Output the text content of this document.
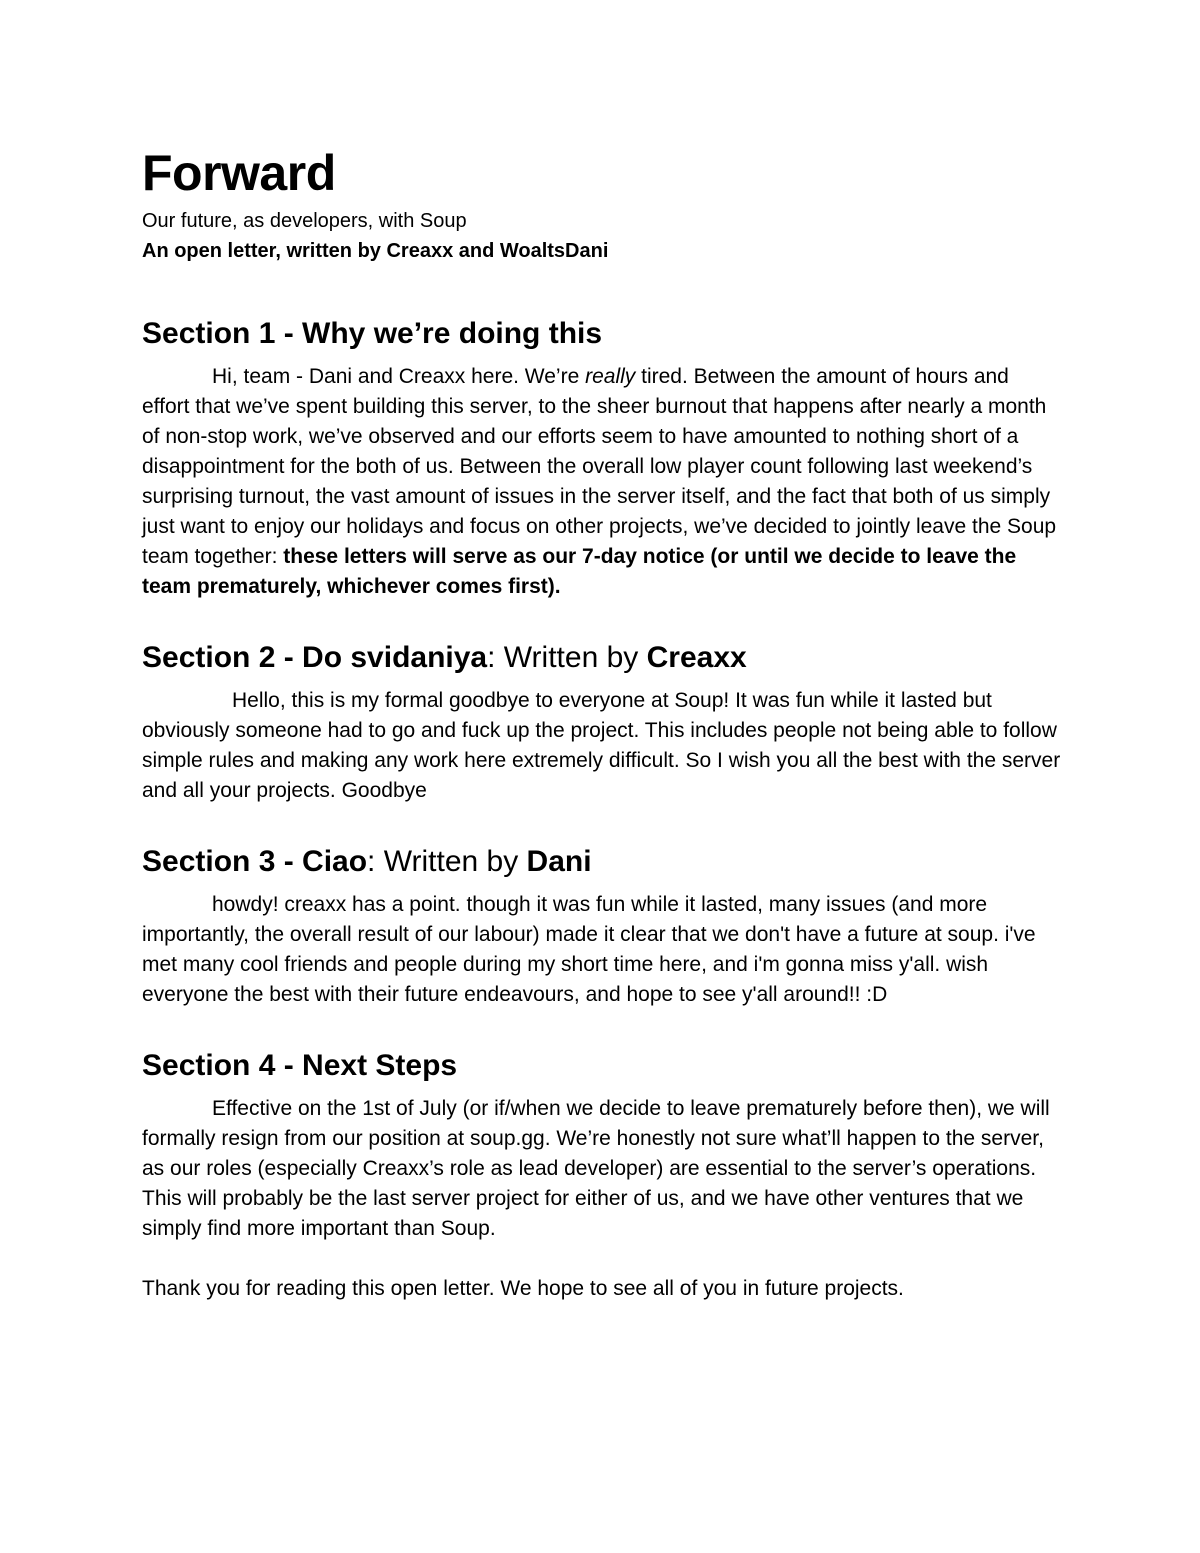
Forward

Our future, as developers, with Soup

An open letter, written by Creaxx and WoaltsDani

Section 1 - Why we’re doing this

Hi, team - Dani and Creaxx here. We’re really tired. Between the amount of hours and effort that we’ve spent building this server, to the sheer burnout that happens after nearly a month of non-stop work, we’ve observed and our efforts seem to have amounted to nothing short of a disappointment for the both of us. Between the overall low player count following last weekend’s surprising turnout, the vast amount of issues in the server itself, and the fact that both of us simply just want to enjoy our holidays and focus on other projects, we’ve decided to jointly leave the Soup team together: these letters will serve as our 7-day notice (or until we decide to leave the team prematurely, whichever comes first).

Section 2 - Do svidaniya: Written by Creaxx

Hello, this is my formal goodbye to everyone at Soup! It was fun while it lasted but obviously someone had to go and fuck up the project. This includes people not being able to follow simple rules and making any work here extremely difficult. So I wish you all the best with the server and all your projects. Goodbye

Section 3 - Ciao: Written by Dani

howdy! creaxx has a point. though it was fun while it lasted, many issues (and more importantly, the overall result of our labour) made it clear that we don't have a future at soup. i've met many cool friends and people during my short time here, and i'm gonna miss y'all. wish everyone the best with their future endeavours, and hope to see y'all around!! :D

Section 4 - Next Steps

Effective on the 1st of July (or if/when we decide to leave prematurely before then), we will formally resign from our position at soup.gg. We’re honestly not sure what’ll happen to the server, as our roles (especially Creaxx’s role as lead developer) are essential to the server’s operations. This will probably be the last server project for either of us, and we have other ventures that we simply find more important than Soup.

Thank you for reading this open letter. We hope to see all of you in future projects.
